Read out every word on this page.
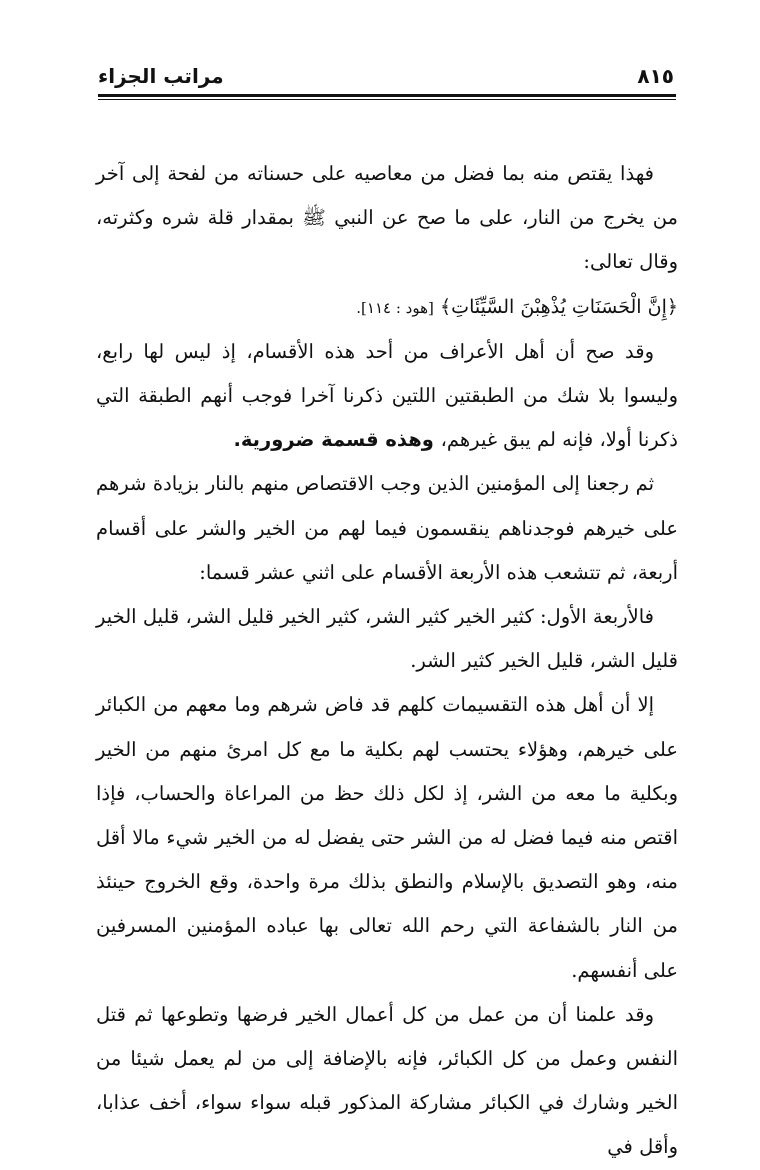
٨١٥
مراتب الجزاء

فهذا يقتص منه بما فضل من معاصيه على حسناته من لفحة إلى آخر من يخرج من النار، على ما صح عن النبي ﷺ بمقدار قلة شره وكثرته، وقال تعالى:

﴿إِنَّ الْحَسَنَاتِ يُذْهِبْنَ السَّيِّئَاتِ﴾ [هود : ١١٤].

وقد صح أن أهل الأعراف من أحد هذه الأقسام، إذ ليس لها رابع، وليسوا بلا شك من الطبقتين اللتين ذكرنا آخرا فوجب أنهم الطبقة التي ذكرنا أولا، فإنه لم يبق غيرهم، وهذه قسمة ضرورية.

ثم رجعنا إلى المؤمنين الذين وجب الاقتصاص منهم بالنار بزيادة شرهم على خيرهم فوجدناهم ينقسمون فيما لهم من الخير والشر على أقسام أربعة، ثم تتشعب هذه الأربعة الأقسام على اثني عشر قسما:

فالأربعة الأول: كثير الخير كثير الشر، كثير الخير قليل الشر، قليل الخير قليل الشر، قليل الخير كثير الشر.

إلا أن أهل هذه التقسيمات كلهم قد فاض شرهم وما معهم من الكبائر على خيرهم، وهؤلاء يحتسب لهم بكلية ما مع كل امرئ منهم من الخير وبكلية ما معه من الشر، إذ لكل ذلك حظ من المراعاة والحساب، فإذا اقتص منه فيما فضل له من الشر حتى يفضل له من الخير شيء مالا أقل منه، وهو التصديق بالإسلام والنطق بذلك مرة واحدة، وقع الخروج حينئذ من النار بالشفاعة التي رحم الله تعالى بها عباده المؤمنين المسرفين على أنفسهم.

وقد علمنا أن من عمل من كل أعمال الخير فرضها وتطوعها ثم قتل النفس وعمل من كل الكبائر، فإنه بالإضافة إلى من لم يعمل شيئا من الخير وشارك في الكبائر مشاركة المذكور قبله سواء سواء، أخف عذابا، وأقل في
